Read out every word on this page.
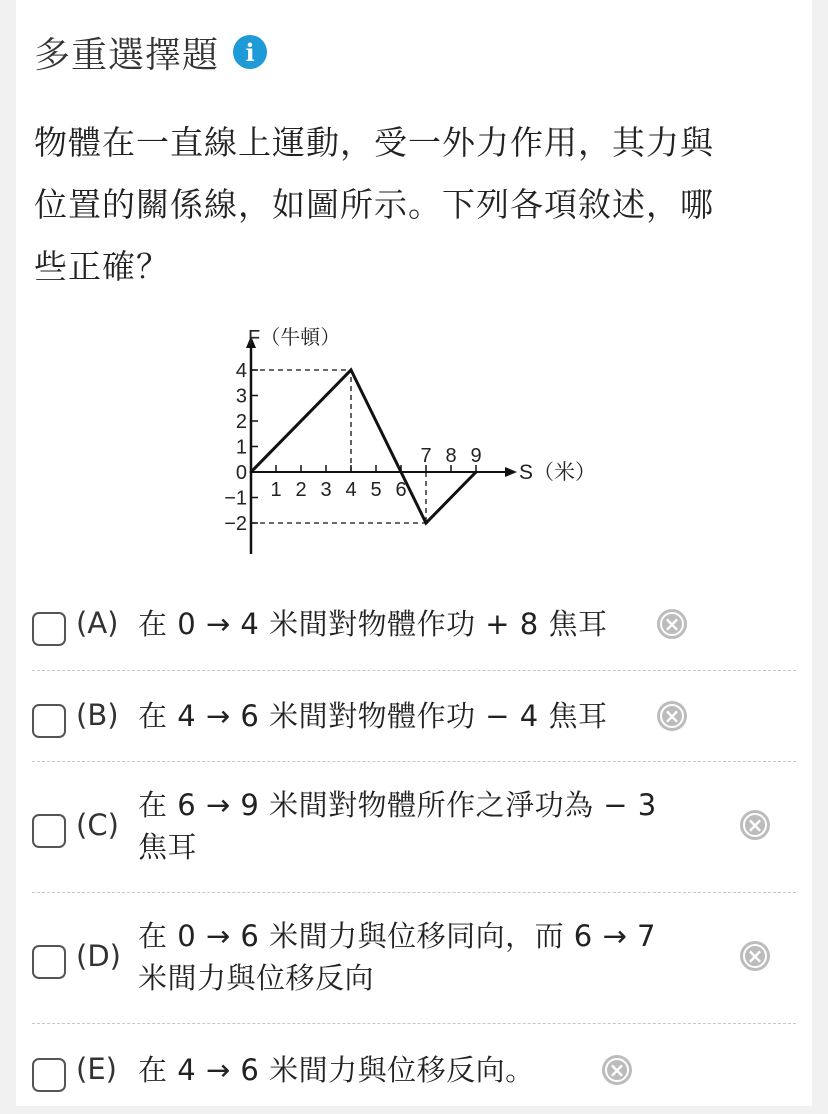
多重選擇題	i
物體在一直線上運動，受一外力作用，其力與
位置的關係線，如圖所示。下列各項敘述，哪
些正確？
F（牛頓）
S（米）
4
3
2
1
0
−1
−2
1 2 3 4 5 6
7 8 9
(A) 在 0 → 4 米間對物體作功 + 8 焦耳	×
(B) 在 4 → 6 米間對物體作功 − 4 焦耳	×
(C)
在 6 → 9 米間對物體所作之淨功為 − 3
焦耳
×
(D)
在 0 → 6 米間力與位移同向，而 6 → 7
米間力與位移反向
×
(E) 在 4 → 6 米間力與位移反向。	×
